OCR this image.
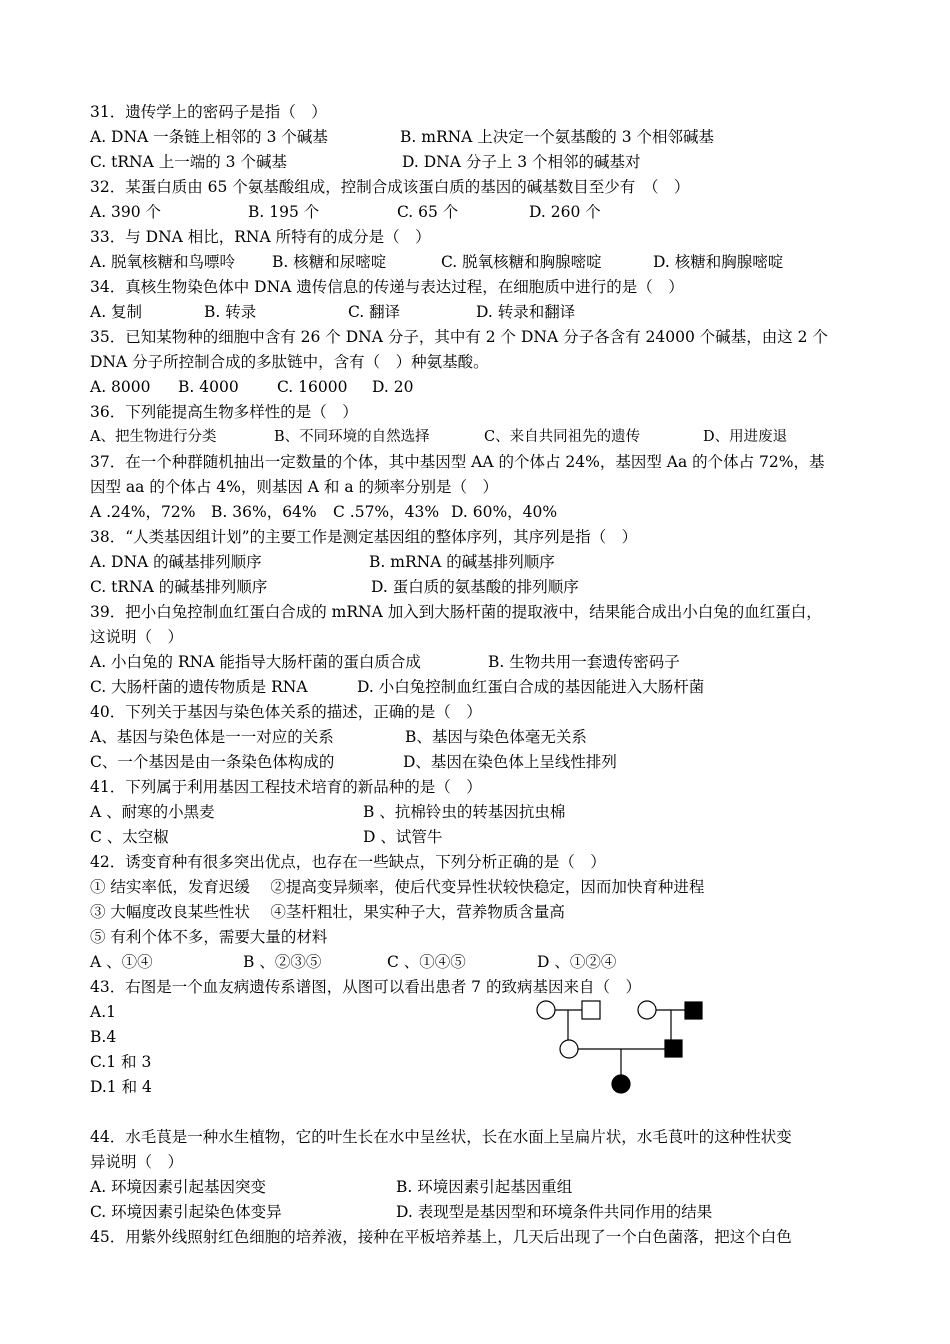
31．遗传学上的密码子是指（　）
A. DNA 一条链上相邻的 3 个碱基	B. mRNA 上决定一个氨基酸的 3 个相邻碱基
C. tRNA 上一端的 3 个碱基	D. DNA 分子上 3 个相邻的碱基对
32．某蛋白质由 65 个氨基酸组成，控制合成该蛋白质的基因的碱基数目至少有　（　）
A. 390 个	B. 195 个	C. 65 个	D. 260 个
33．与 DNA 相比，RNA 所特有的成分是（　）
A. 脱氧核糖和鸟嘌呤 B. 核糖和尿嘧啶	C. 脱氧核糖和胸腺嘧啶	D. 核糖和胸腺嘧啶
34．真核生物染色体中 DNA 遗传信息的传递与表达过程，在细胞质中进行的是（　）
A. 复制	B. 转录	C. 翻译	D. 转录和翻译
35．已知某物种的细胞中含有 26 个 DNA 分子，其中有 2 个 DNA 分子各含有 24000 个碱基，由这 2 个
DNA 分子所控制合成的多肽链中，含有（　）种氨基酸。
A. 8000 B. 4000 C. 16000 D. 20
36．下列能提高生物多样性的是（　）
A、把生物进行分类	B、不同环境的自然选择	C、来自共同祖先的遗传	D、用进废退
37．在一个种群随机抽出一定数量的个体，其中基因型 AA 的个体占 24%，基因型 Aa 的个体占 72%，基
因型 aa 的个体占 4%，则基因 A 和 a 的频率分别是（　）
A .24%，72% B. 36%，64% C .57%，43% D. 60%，40%
38．“人类基因组计划”的主要工作是测定基因组的整体序列，其序列是指（　）
A. DNA 的碱基排列顺序	B. mRNA 的碱基排列顺序
C. tRNA 的碱基排列顺序	D. 蛋白质的氨基酸的排列顺序
39．把小白兔控制血红蛋白合成的 mRNA 加入到大肠杆菌的提取液中，结果能合成出小白兔的血红蛋白，
这说明（　）
A. 小白兔的 RNA 能指导大肠杆菌的蛋白质合成	B. 生物共用一套遗传密码子
C. 大肠杆菌的遗传物质是 RNA	D. 小白兔控制血红蛋白合成的基因能进入大肠杆菌
40．下列关于基因与染色体关系的描述，正确的是（　）
A、基因与染色体是一一对应的关系	B、基因与染色体毫无关系
C、一个基因是由一条染色体构成的	D、基因在染色体上呈线性排列
41．下列属于利用基因工程技术培育的新品种的是（　）
A 、耐寒的小黑麦	B 、抗棉铃虫的转基因抗虫棉
C 、太空椒	D 、试管牛
42．诱变育种有很多突出优点，也存在一些缺点，下列分析正确的是（　）
① 结实率低，发育迟缓　 ②提高变异频率，使后代变异性状较快稳定，因而加快育种进程
③ 大幅度改良某些性状　 ④茎杆粗壮，果实种子大，营养物质含量高
⑤ 有利个体不多，需要大量的材料
A 、①④	B 、②③⑤	C 、①④⑤	D 、①②④
43．右图是一个血友病遗传系谱图，从图可以看出患者 7 的致病基因来自（　）
A.1
B.4
C.1 和 3
D.1 和 4
44．水毛茛是一种水生植物，它的叶生长在水中呈丝状，长在水面上呈扁片状，水毛茛叶的这种性状变
异说明（　）
A. 环境因素引起基因突变	B. 环境因素引起基因重组
C. 环境因素引起染色体变异	D. 表现型是基因型和环境条件共同作用的结果
45．用紫外线照射红色细胞的培养液，接种在平板培养基上，几天后出现了一个白色菌落，把这个白色
